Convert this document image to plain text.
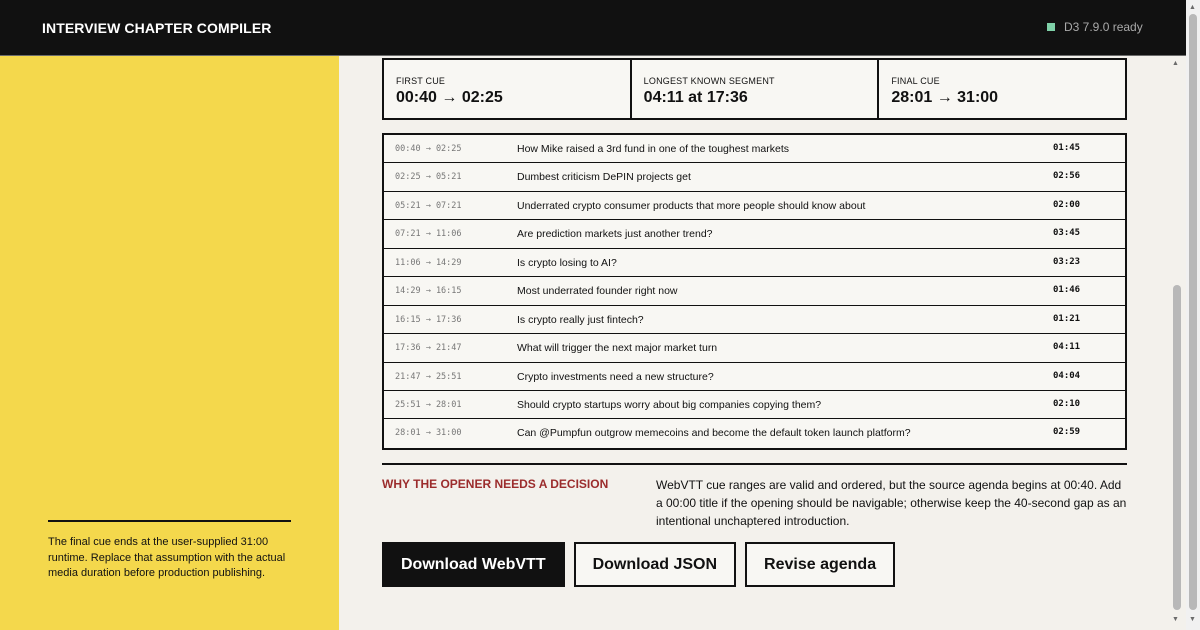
INTERVIEW CHAPTER COMPILER	D3 7.9.0 ready
The final cue ends at the user-supplied 31:00 runtime. Replace that assumption with the actual media duration before production publishing.
FIRST CUE
00:40 → 02:25
LONGEST KNOWN SEGMENT
04:11 at 17:36
FINAL CUE
28:01 → 31:00
00:40 → 02:25	How Mike raised a 3rd fund in one of the toughest markets	01:45
02:25 → 05:21	Dumbest criticism DePIN projects get	02:56
05:21 → 07:21	Underrated crypto consumer products that more people should know about	02:00
07:21 → 11:06	Are prediction markets just another trend?	03:45
11:06 → 14:29	Is crypto losing to AI?	03:23
14:29 → 16:15	Most underrated founder right now	01:46
16:15 → 17:36	Is crypto really just fintech?	01:21
17:36 → 21:47	What will trigger the next major market turn	04:11
21:47 → 25:51	Crypto investments need a new structure?	04:04
25:51 → 28:01	Should crypto startups worry about big companies copying them?	02:10
28:01 → 31:00	Can @Pumpfun outgrow memecoins and become the default token launch platform?	02:59
WHY THE OPENER NEEDS A DECISION	WebVTT cue ranges are valid and ordered, but the source agenda begins at 00:40. Add a 00:00 title if the opening should be navigable; otherwise keep the 40-second gap as an intentional unchaptered introduction.
Download WebVTT	Download JSON	Revise agenda
▲
▼
▲
▼
